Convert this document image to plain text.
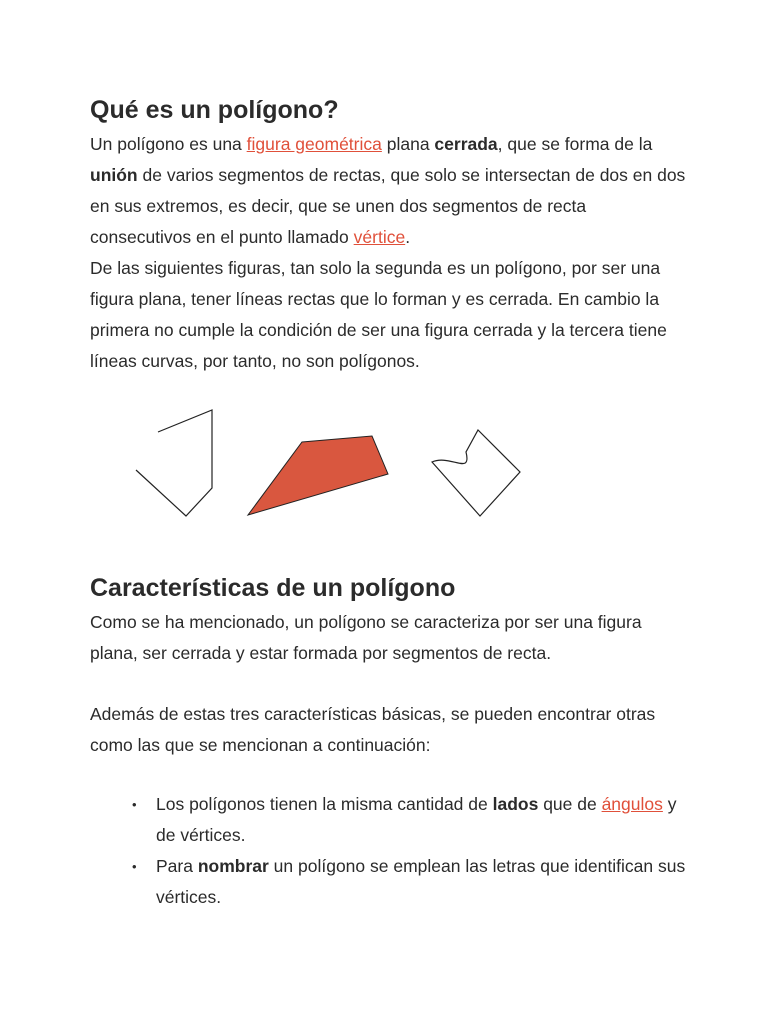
Qué es un polígono?

Un polígono es una figura geométrica plana cerrada, que se forma de la unión de varios segmentos de rectas, que solo se intersectan de dos en dos en sus extremos, es decir, que se unen dos segmentos de recta consecutivos en el punto llamado vértice.
De las siguientes figuras, tan solo la segunda es un polígono, por ser una figura plana, tener líneas rectas que lo forman y es cerrada. En cambio la primera no cumple la condición de ser una figura cerrada y la tercera tiene líneas curvas, por tanto, no son polígonos.

Características de un polígono

Como se ha mencionado, un polígono se caracteriza por ser una figura plana, ser cerrada y estar formada por segmentos de recta.

Además de estas tres características básicas, se pueden encontrar otras como las que se mencionan a continuación:

• Los polígonos tienen la misma cantidad de lados que de ángulos y de vértices.
• Para nombrar un polígono se emplean las letras que identifican sus vértices.
